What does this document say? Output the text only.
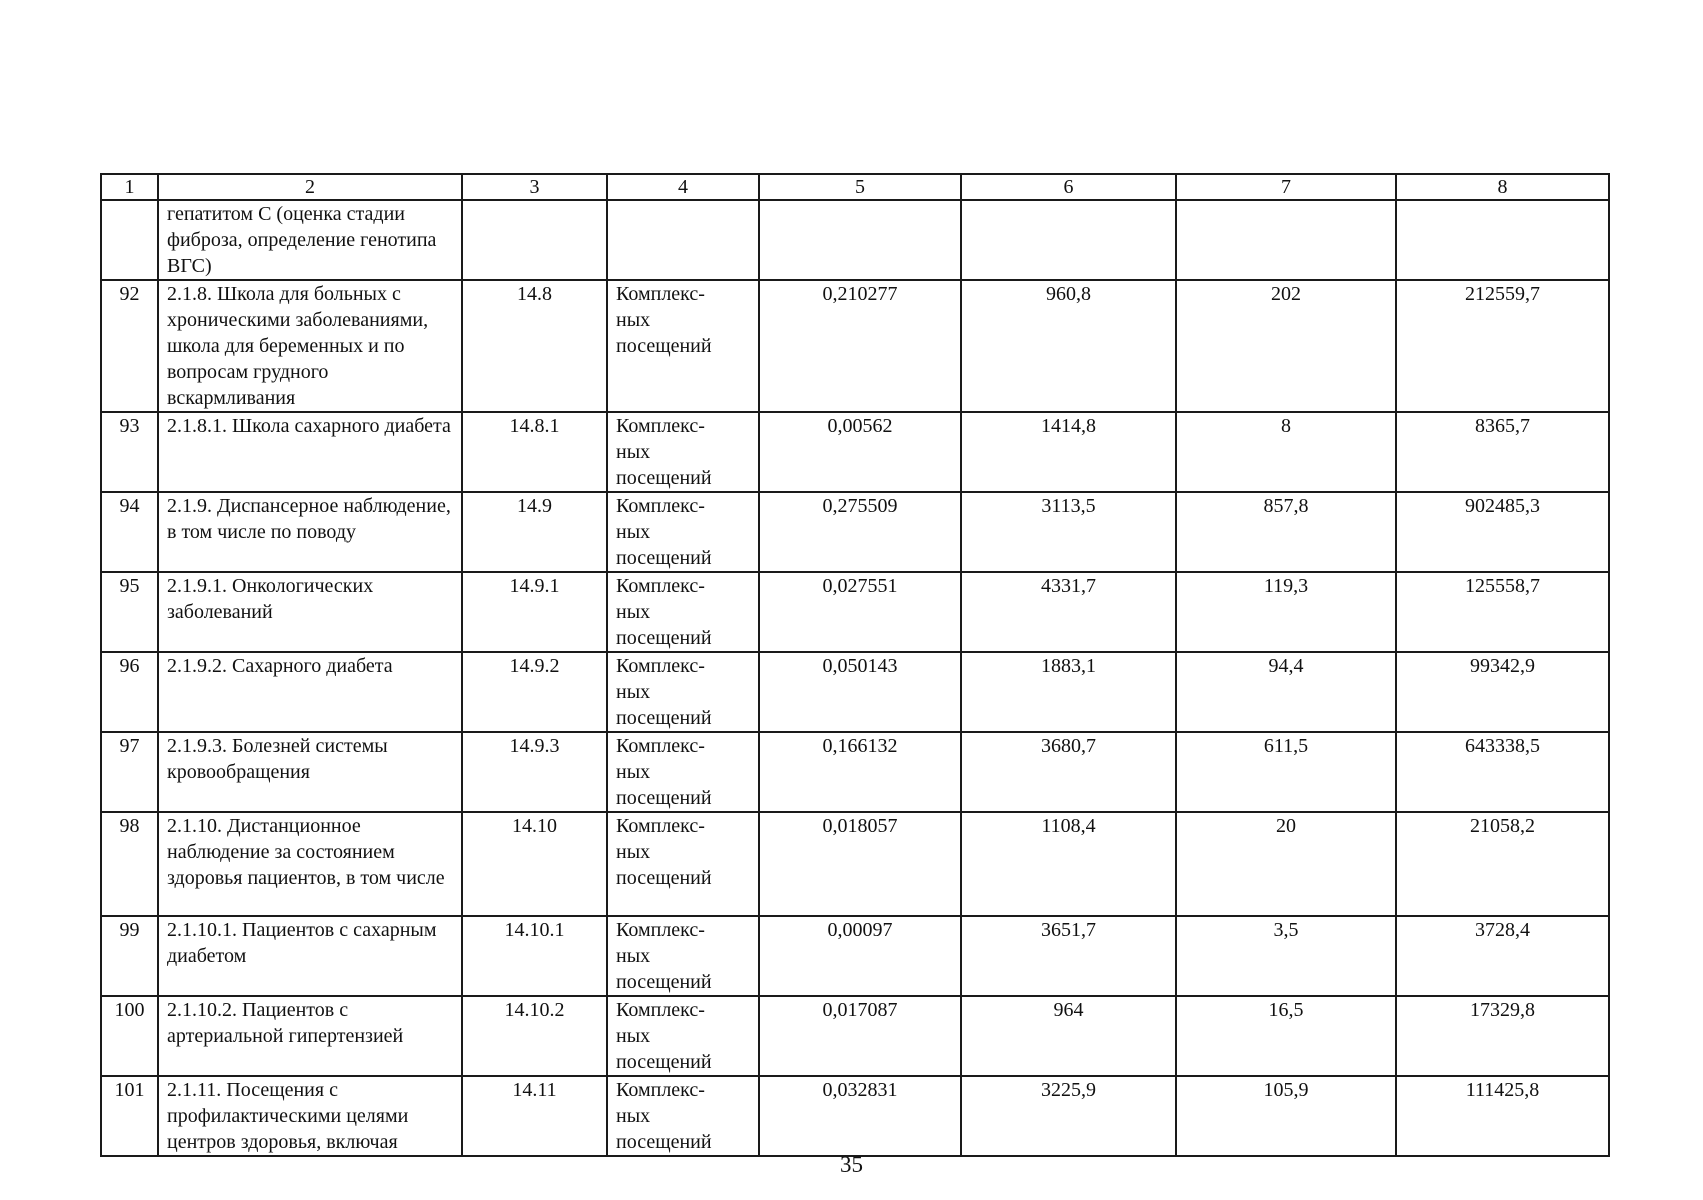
1	2	3	4	5	6	7	8
	гепатитом С (оценка стадии фиброза, определение генотипа ВГС)						
92	2.1.8. Школа для больных с хроническими заболеваниями, школа для беременных и по вопросам грудного вскармливания	14.8	Комплекс-
ных
посещений	0,210277	960,8	202	212559,7
93	2.1.8.1. Школа сахарного диабета	14.8.1	Комплекс-
ных
посещений	0,00562	1414,8	8	8365,7
94	2.1.9. Диспансерное наблюдение, в том числе по поводу	14.9	Комплекс-
ных
посещений	0,275509	3113,5	857,8	902485,3
95	2.1.9.1. Онкологических заболеваний	14.9.1	Комплекс-
ных
посещений	0,027551	4331,7	119,3	125558,7
96	2.1.9.2. Сахарного диабета	14.9.2	Комплекс-
ных
посещений	0,050143	1883,1	94,4	99342,9
97	2.1.9.3. Болезней системы кровообращения	14.9.3	Комплекс-
ных
посещений	0,166132	3680,7	611,5	643338,5
98	2.1.10. Дистанционное наблюдение за состоянием здоровья пациентов, в том числе	14.10	Комплекс-
ных
посещений	0,018057	1108,4	20	21058,2
99	2.1.10.1. Пациентов с сахарным диабетом	14.10.1	Комплекс-
ных
посещений	0,00097	3651,7	3,5	3728,4
100	2.1.10.2. Пациентов с артериальной гипертензией	14.10.2	Комплекс-
ных
посещений	0,017087	964	16,5	17329,8
101	2.1.11. Посещения с профилактическими целями центров здоровья, включая	14.11	Комплекс-
ных
посещений	0,032831	3225,9	105,9	111425,8
35
